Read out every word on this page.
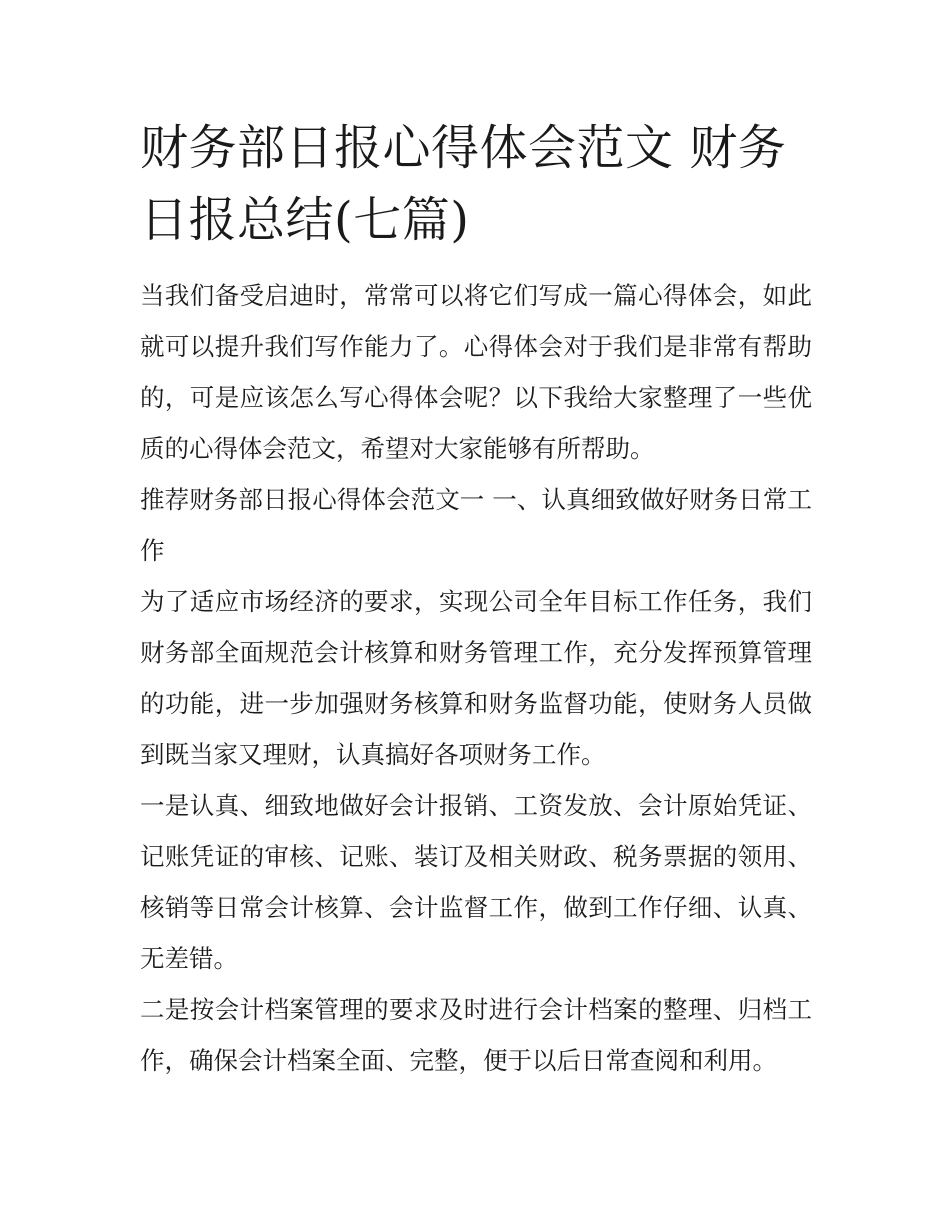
财务部日报心得体会范文 财务日报总结(七篇)

当我们备受启迪时，常常可以将它们写成一篇心得体会，如此就可以提升我们写作能力了。心得体会对于我们是非常有帮助的，可是应该怎么写心得体会呢？以下我给大家整理了一些优质的心得体会范文，希望对大家能够有所帮助。

推荐财务部日报心得体会范文一 一、认真细致做好财务日常工作

为了适应市场经济的要求，实现公司全年目标工作任务，我们财务部全面规范会计核算和财务管理工作，充分发挥预算管理的功能，进一步加强财务核算和财务监督功能，使财务人员做到既当家又理财，认真搞好各项财务工作。

一是认真、细致地做好会计报销、工资发放、会计原始凭证、记账凭证的审核、记账、装订及相关财政、税务票据的领用、核销等日常会计核算、会计监督工作，做到工作仔细、认真、无差错。

二是按会计档案管理的要求及时进行会计档案的整理、归档工作，确保会计档案全面、完整，便于以后日常查阅和利用。
